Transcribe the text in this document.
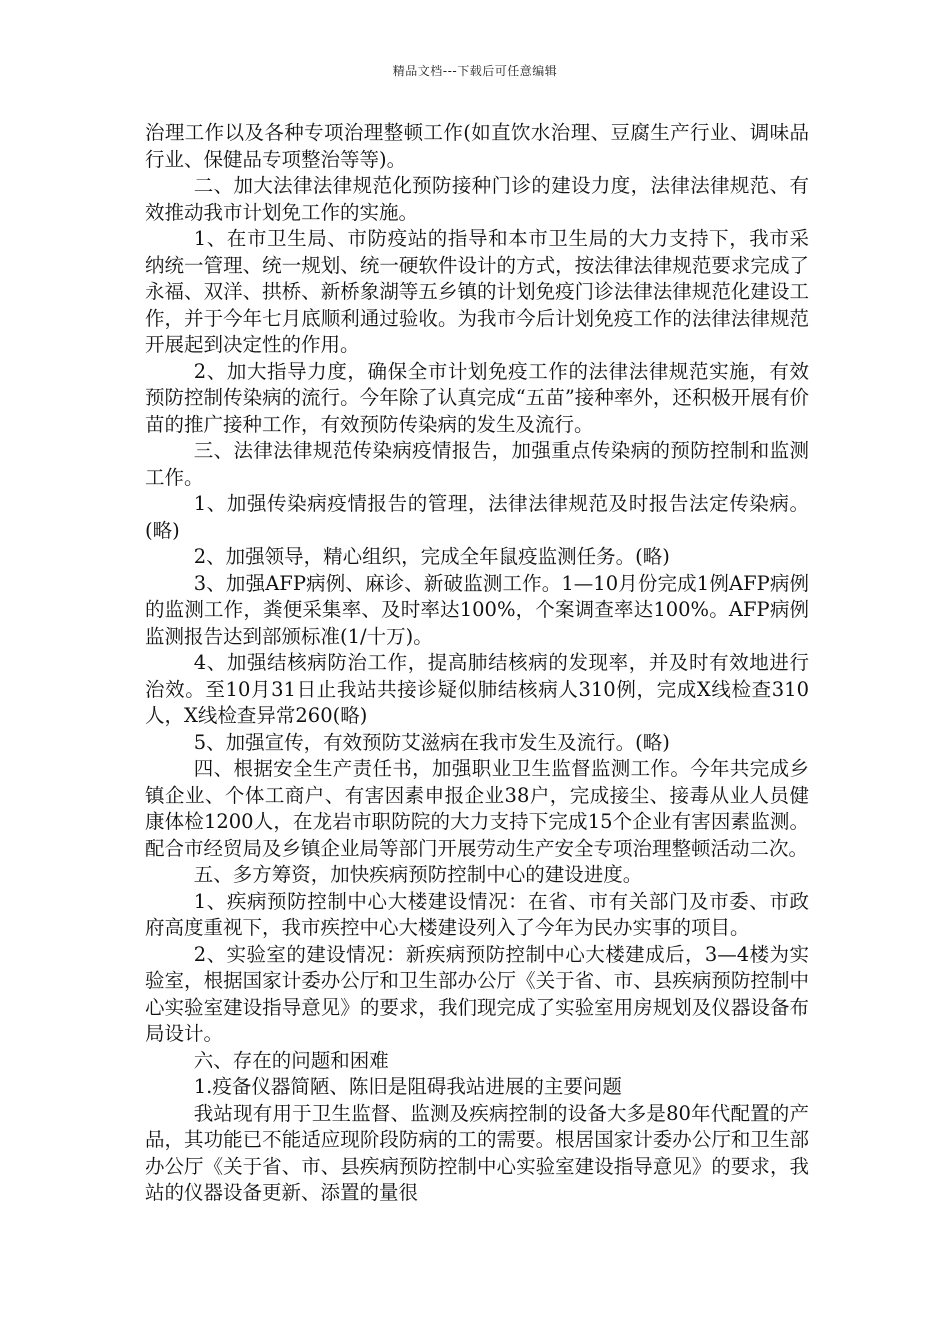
精品文档---下载后可任意编辑

治理工作以及各种专项治理整顿工作(如直饮水治理、豆腐生产行业、调味品行业、保健品专项整治等等)。

二、加大法律法律规范化预防接种门诊的建设力度，法律法律规范、有效推动我市计划免工作的实施。

1、在市卫生局、市防疫站的指导和本市卫生局的大力支持下，我市采纳统一管理、统一规划、统一硬软件设计的方式，按法律法律规范要求完成了永福、双洋、拱桥、新桥象湖等五乡镇的计划免疫门诊法律法律规范化建设工作，并于今年七月底顺利通过验收。为我市今后计划免疫工作的法律法律规范开展起到决定性的作用。

2、加大指导力度，确保全市计划免疫工作的法律法律规范实施，有效预防控制传染病的流行。今年除了认真完成“五苗”接种率外，还积极开展有价苗的推广接种工作，有效预防传染病的发生及流行。

三、法律法律规范传染病疫情报告，加强重点传染病的预防控制和监测工作。

1、加强传染病疫情报告的管理，法律法律规范及时报告法定传染病。(略)

2、加强领导，精心组织，完成全年鼠疫监测任务。(略)

3、加强AFP病例、麻诊、新破监测工作。1—10月份完成1例AFP病例的监测工作，粪便采集率、及时率达100%，个案调查率达100%。AFP病例监测报告达到部颁标准(1/十万)。

4、加强结核病防治工作，提高肺结核病的发现率，并及时有效地进行治效。至10月31日止我站共接诊疑似肺结核病人310例，完成X线检查310人，X线检查异常260(略)

5、加强宣传，有效预防艾滋病在我市发生及流行。(略)

四、根据安全生产责任书，加强职业卫生监督监测工作。今年共完成乡镇企业、个体工商户、有害因素申报企业38户，完成接尘、接毒从业人员健康体检1200人，在龙岩市职防院的大力支持下完成15个企业有害因素监测。配合市经贸局及乡镇企业局等部门开展劳动生产安全专项治理整顿活动二次。

五、多方筹资，加快疾病预防控制中心的建设进度。

1、疾病预防控制中心大楼建设情况：在省、市有关部门及市委、市政府高度重视下，我市疾控中心大楼建设列入了今年为民办实事的项目。

2、实验室的建设情况：新疾病预防控制中心大楼建成后，3—4楼为实验室，根据国家计委办公厅和卫生部办公厅《关于省、市、县疾病预防控制中心实验室建设指导意见》的要求，我们现完成了实验室用房规划及仪器设备布局设计。

六、存在的问题和困难

1.疫备仪器简陋、陈旧是阻碍我站进展的主要问题

我站现有用于卫生监督、监测及疾病控制的设备大多是80年代配置的产品，其功能已不能适应现阶段防病的工的需要。根居国家计委办公厅和卫生部办公厅《关于省、市、县疾病预防控制中心实验室建设指导意见》的要求，我站的仪器设备更新、添置的量很
